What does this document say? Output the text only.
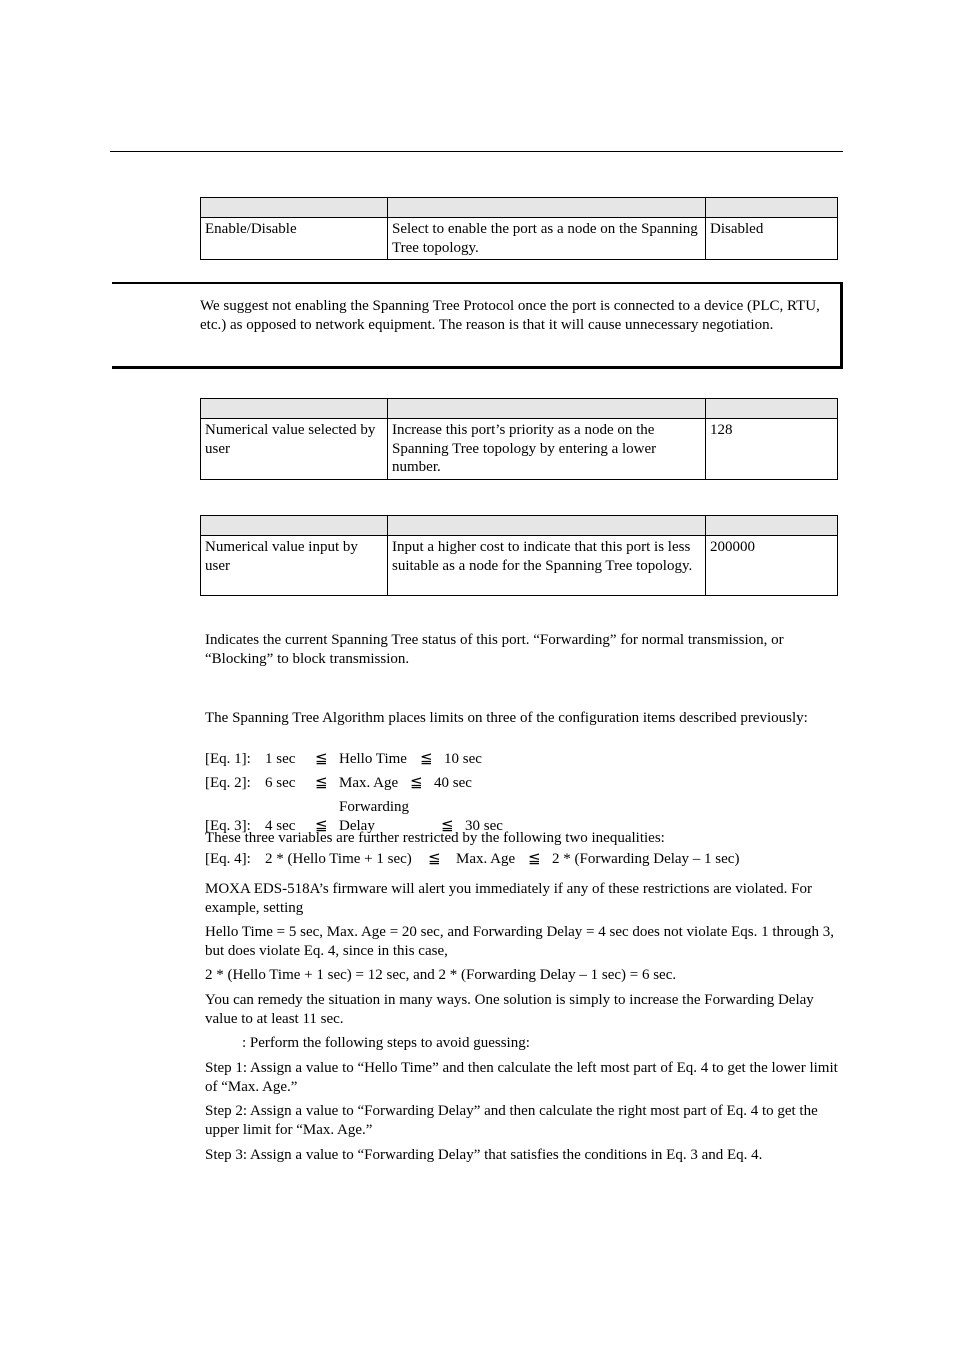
Enable/Disable	Select to enable the port as a node on the Spanning Tree topology.	Disabled

We suggest not enabling the Spanning Tree Protocol once the port is connected to a device (PLC, RTU, etc.) as opposed to network equipment. The reason is that it will cause unnecessary negotiation.

Numerical value selected by user	Increase this port’s priority as a node on the Spanning Tree topology by entering a lower number.	128

Numerical value input by user	Input a higher cost to indicate that this port is less suitable as a node for the Spanning Tree topology.	200000

Indicates the current Spanning Tree status of this port. “Forwarding” for normal transmission, or “Blocking” to block transmission.

The Spanning Tree Algorithm places limits on three of the configuration items described previously:

[Eq. 1]: 1 sec ≦ Hello Time ≦ 10 sec

[Eq. 2]: 6 sec ≦ Max. Age ≦ 40 sec

[Eq. 3]: 4 sec ≦Forwarding Delay	≦ 30 sec

These three variables are further restricted by the following two inequalities:

[Eq. 4]: 2 * (Hello Time + 1 sec) ≦ Max. Age ≦ 2 * (Forwarding Delay – 1 sec)

MOXA EDS-518A’s firmware will alert you immediately if any of these restrictions are violated. For example, setting

Hello Time = 5 sec, Max. Age = 20 sec, and Forwarding Delay = 4 sec does not violate Eqs. 1 through 3, but does violate Eq. 4, since in this case,

2 * (Hello Time + 1 sec) = 12 sec, and 2 * (Forwarding Delay – 1 sec) = 6 sec.

You can remedy the situation in many ways. One solution is simply to increase the Forwarding Delay value to at least 11 sec.

: Perform the following steps to avoid guessing:

Step 1: Assign a value to “Hello Time” and then calculate the left most part of Eq. 4 to get the lower limit of “Max. Age.”

Step 2: Assign a value to “Forwarding Delay” and then calculate the right most part of Eq. 4 to get the upper limit for “Max. Age.”

Step 3: Assign a value to “Forwarding Delay” that satisfies the conditions in Eq. 3 and Eq. 4.
